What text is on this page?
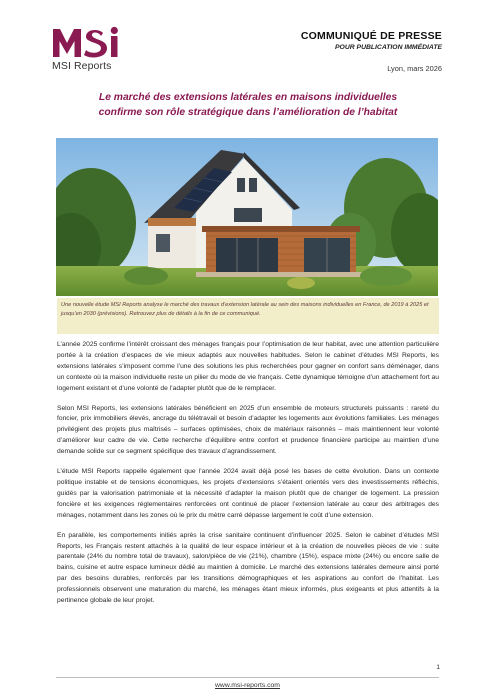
MSI Reports
COMMUNIQUÉ DE PRESSE
POUR PUBLICATION IMMÉDIATE
Lyon, mars 2026
Le marché des extensions latérales en maisons individuelles
confirme son rôle stratégique dans l’amélioration de l’habitat
Une nouvelle étude MSI Reports analyse le marché des travaux d’extension latérale au sein des maisons individuelles en France, de 2019 à 2025 et jusqu’en 2030 (prévisions). Retrouvez plus de détails à la fin de ce communiqué.

L’année 2025 confirme l’intérêt croissant des ménages français pour l’optimisation de leur habitat, avec une attention particulière portée à la création d’espaces de vie mieux adaptés aux nouvelles habitudes. Selon le cabinet d’études MSI Reports, les extensions latérales s’imposent comme l’une des solutions les plus recherchées pour gagner en confort sans déménager, dans un contexte où la maison individuelle reste un pilier du mode de vie français. Cette dynamique témoigne d’un attachement fort au logement existant et d’une volonté de l’adapter plutôt que de le remplacer.

Selon MSI Reports, les extensions latérales bénéficient en 2025 d’un ensemble de moteurs structurels puissants : rareté du foncier, prix immobiliers élevés, ancrage du télétravail et besoin d’adapter les logements aux évolutions familiales. Les ménages privilégient des projets plus maîtrisés – surfaces optimisées, choix de matériaux raisonnés – mais maintiennent leur volonté d’améliorer leur cadre de vie. Cette recherche d’équilibre entre confort et prudence financière participe au maintien d’une demande solide sur ce segment spécifique des travaux d’agrandissement.

L’étude MSI Reports rappelle également que l’année 2024 avait déjà posé les bases de cette évolution. Dans un contexte politique instable et de tensions économiques, les projets d’extensions s’étaient orientés vers des investissements réfléchis, guidés par la valorisation patrimoniale et la nécessité d’adapter la maison plutôt que de changer de logement. La pression foncière et les exigences réglementaires renforcées ont continué de placer l’extension latérale au cœur des arbitrages des ménages, notamment dans les zones où le prix du mètre carré dépasse largement le coût d’une extension.

En parallèle, les comportements initiés après la crise sanitaire continuent d’influencer 2025. Selon le cabinet d’études MSI Reports, les Français restent attachés à la qualité de leur espace intérieur et à la création de nouvelles pièces de vie : suite parentale (24% du nombre total de travaux), salon/pièce de vie (21%), chambre (15%), espace mixte (24%) ou encore salle de bains, cuisine et autre espace lumineux dédié au maintien à domicile. Le marché des extensions latérales demeure ainsi porté par des besoins durables, renforcés par les transitions démographiques et les aspirations au confort de l’habitat. Les professionnels observent une maturation du marché, les ménages étant mieux informés, plus exigeants et plus attentifs à la pertinence globale de leur projet.

1
www.msi-reports.com
